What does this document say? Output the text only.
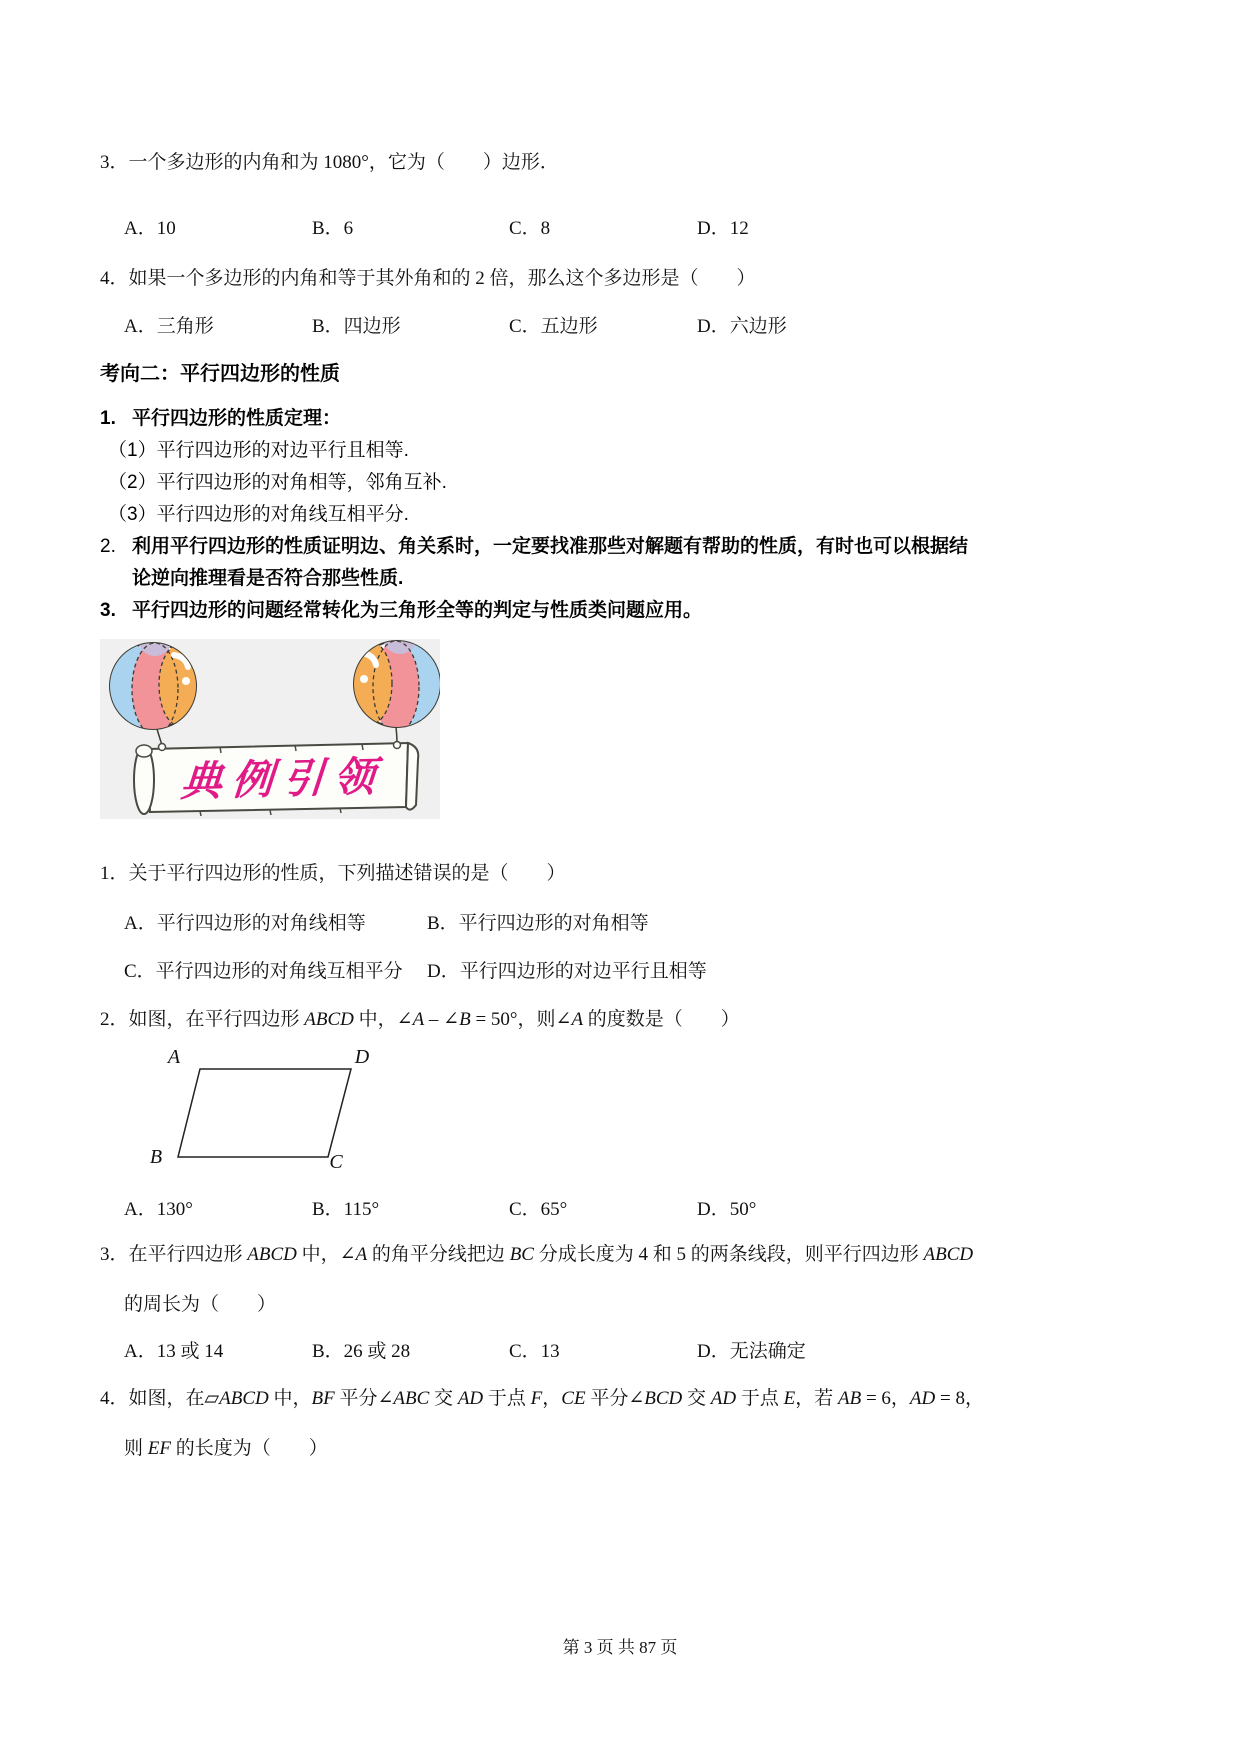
3．一个多边形的内角和为 1080°，它为（　　）边形．

A．10	B．6	C．8	D．12

4．如果一个多边形的内角和等于其外角和的 2 倍，那么这个多边形是（　　）

A．三角形	B．四边形	C．五边形	D．六边形
考向二：平行四边形的性质

1. 平行四边形的性质定理：

（1）平行四边形的对边平行且相等.

（2）平行四边形的对角相等，邻角互补.

（3）平行四边形的对角线互相平分.

2. 利用平行四边形的性质证明边、角关系时，一定要找准那些对解题有帮助的性质，有时也可以根据结
论逆向推理看是否符合那些性质.

3. 平行四边形的问题经常转化为三角形全等的判定与性质类问题应用。

典例引领

1．关于平行四边形的性质，下列描述错误的是（　　）

A．平行四边形的对角线相等	B．平行四边形的对角相等
C．平行四边形的对角线互相平分	D．平行四边形的对边平行且相等

2．如图，在平行四边形 ABCD 中，∠A – ∠B = 50°，则∠A 的度数是（　　）

A	D
B	C
A．130°	B．115°	C．65°	D．50°

3．在平行四边形 ABCD 中，∠A 的角平分线把边 BC 分成长度为 4 和 5 的两条线段，则平行四边形 ABCD

的周长为（　　）

A．13 或 14	B．26 或 28	C．13	D．无法确定

4．如图，在▱ABCD 中，BF 平分∠ABC 交 AD 于点 F，CE 平分∠BCD 交 AD 于点 E，若 AB = 6，AD = 8，

则 EF 的长度为（　　）

第 3 页 共 87 页
